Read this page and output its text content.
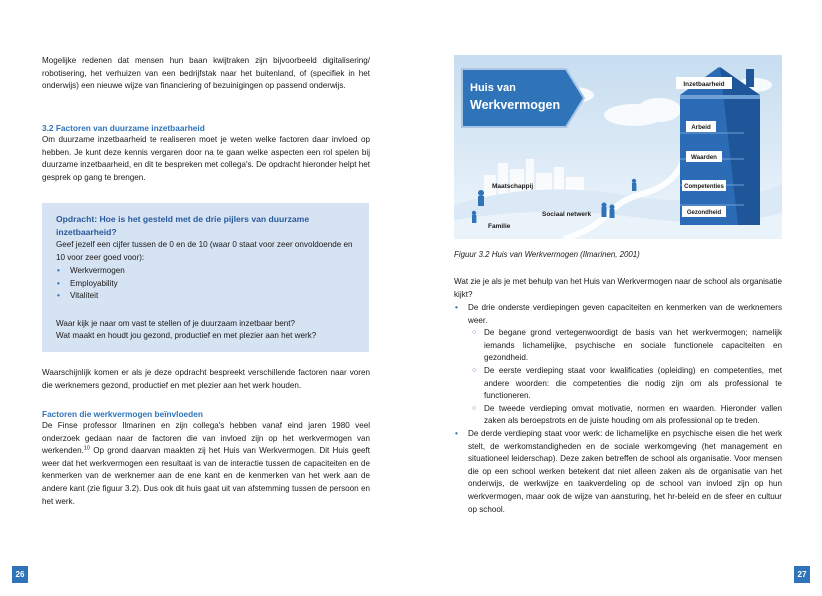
Mogelijke redenen dat mensen hun baan kwijtraken zijn bijvoorbeeld digitalisering/ robotisering, het verhuizen van een bedrijfstak naar het buitenland, of (specifiek in het onderwijs) een nieuwe wijze van financiering of bezuinigingen op passend onderwijs.

3.2 Factoren van duurzame inzetbaarheid

Om duurzame inzetbaarheid te realiseren moet je weten welke factoren daar invloed op hebben. Je kunt deze kennis vergaren door na te gaan welke aspecten een rol spelen bij duurzame inzetbaarheid, en dit te bespreken met collega's. De opdracht hieronder helpt het gesprek op gang te brengen.

Opdracht: Hoe is het gesteld met de drie pijlers van duurzame inzetbaarheid?

Geef jezelf een cijfer tussen de 0 en de 10 (waar 0 staat voor zeer onvoldoende en 10 voor zeer goed voor):

• Werkvermogen
• Employability
• Vitaliteit

Waar kijk je naar om vast te stellen of je duurzaam inzetbaar bent?

Wat maakt en houdt jou gezond, productief en met plezier aan het werk?

Waarschijnlijk komen er als je deze opdracht bespreekt verschillende factoren naar voren die werknemers gezond, productief en met plezier aan het werk houden.

Factoren die werkvermogen beïnvloeden

De Finse professor Ilmarinen en zijn collega's hebben vanaf eind jaren 1980 veel onderzoek gedaan naar de factoren die van invloed zijn op het werkvermogen van werkenden.$^{10}$ Op grond daarvan maakten zij het Huis van Werkvermogen. Dit Huis geeft weer dat het werkvermogen een resultaat is van de interactie tussen de capaciteiten en de kenmerken van de werknemer aan de ene kant en de kenmerken van het werk aan de andere kant (zie figuur 3.2). Dus ook dit huis gaat uit van afstemming tussen de persoon en het werk.

26
Huis van
Werkvermogen
Inzetbaarheid
Arbeid
Waarden
Competenties
Gezondheid
Maatschappij
Sociaal netwerk
Familie

Figuur 3.2 Huis van Werkvermogen (Ilmarinen, 2001)

Wat zie je als je met behulp van het Huis van Werkvermogen naar de school als organisatie kijkt?

• De drie onderste verdiepingen geven capaciteiten en kenmerken van de werknemers weer.
○ De begane grond vertegenwoordigt de basis van het werkvermogen; namelijk iemands lichamelijke, psychische en sociale functionele capaciteiten en gezondheid.
○ De eerste verdieping staat voor kwalificaties (opleiding) en competenties, met andere woorden: die competenties die nodig zijn om als professional te functioneren.
○ De tweede verdieping omvat motivatie, normen en waarden. Hieronder vallen zaken als beroepstrots en de juiste houding om als professional op te treden.
• De derde verdieping staat voor werk: de lichamelijke en psychische eisen die het werk stelt, de werkomstandigheden en de sociale werkomgeving (het management en situationeel leiderschap). Deze zaken betreffen de school als organisatie. Voor mensen die op een school werken betekent dat niet alleen zaken als de organisatie van het onderwijs, de werkwijze en taakverdeling op de school van invloed zijn op hun werkvermogen, maar ook de wijze van aansturing, het hr-beleid en de sfeer en cultuur op school.
27
